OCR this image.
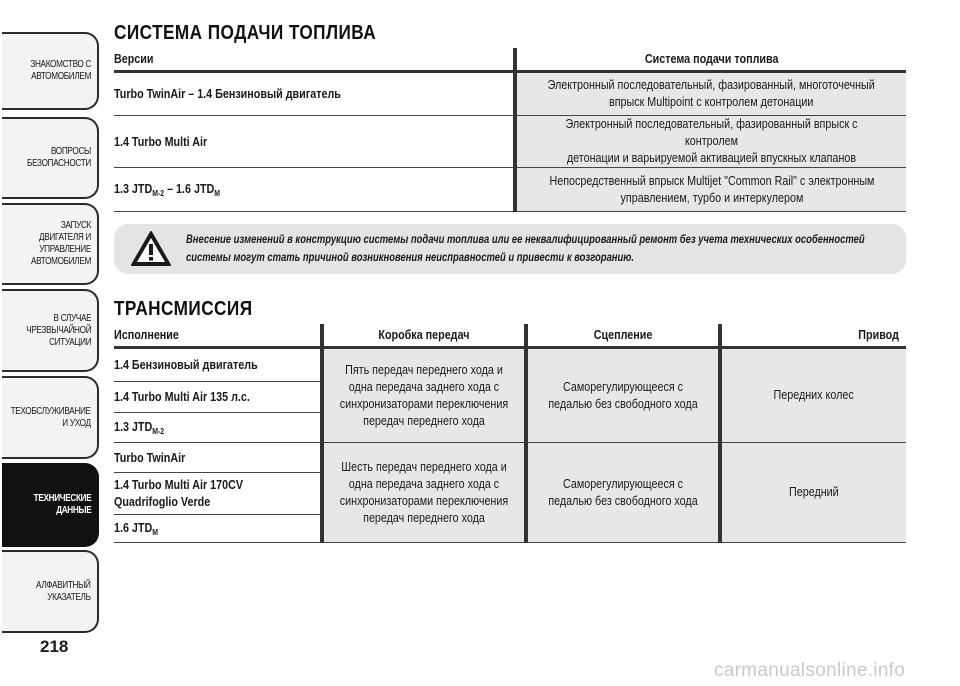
ЗНАКОМСТВО С
АВТОМОБИЛЕМ
ВОПРОСЫ
БЕЗОПАСНОСТИ
ЗАПУСК ДВИГАТЕЛЯ И
УПРАВЛЕНИЕ
АВТОМОБИЛЕМ
В СЛУЧАЕ
ЧРЕЗВЫЧАЙНОЙ
СИТУАЦИИ
ТЕХОБСЛУЖИВАНИЕ
И УХОД
ТЕХНИЧЕСКИЕ
ДАННЫЕ
АЛФАВИТНЫЙ
УКАЗАТЕЛЬ
218
СИСТЕМА ПОДАЧИ ТОПЛИВА
Версии	Система подачи топлива
Turbo TwinAir – 1.4 Бензиновый двигатель	Электронный последовательный, фазированный, многоточечный
впрыск Multipoint с контролем детонации
1.4 Turbo Multi Air	Электронный последовательный, фазированный впрыск с контролем
детонации и варьируемой активацией впускных клапанов
1.3 $JTD_{M-2} - 1.6$ $JTD_M$	Непосредственный впрыск Multijet "Common Rail" с электронным
управлением, турбо и интеркулером
Внесение изменений в конструкцию системы подачи топлива или ее неквалифицированный ремонт без учета технических особенностей
системы могут стать причиной возникновения неисправностей и привести к возгоранию.
ТРАНСМИССИЯ
Исполнение	Коробка передач	Сцепление	Привод
1.4 Бензиновый двигатель	Пять передач переднего хода и одна передача заднего хода с синхронизаторами переключения передач переднего хода	Саморегулирующееся с педалью без свободного хода	Передних колес
1.4 Turbo Multi Air 135 л.с.			
1.3 $JTD_{M-2}$
Turbo TwinAir	Шесть передач переднего хода и одна передача заднего хода с синхронизаторами переключения передач переднего хода	Саморегулирующееся с педалью без свободного хода	Передний
1.4 Turbo Multi Air 170CV
Quadrifoglio Verde			
1.6 $JTD_M$
carmanualsonline.info
